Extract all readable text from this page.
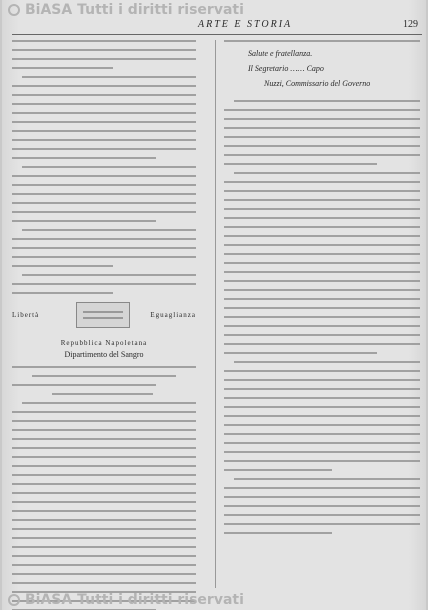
BiASA Tutti i diritti riservati
ARTE E STORIA	129
Libertà	Eguaglianza
Repubblica Napoletana
Dipartimento del Sangro
Salute e fratellanza.
Il Segretario …… Capo
Nuzzi, Commissario del Governo
BiASA Tutti i diritti riservati
